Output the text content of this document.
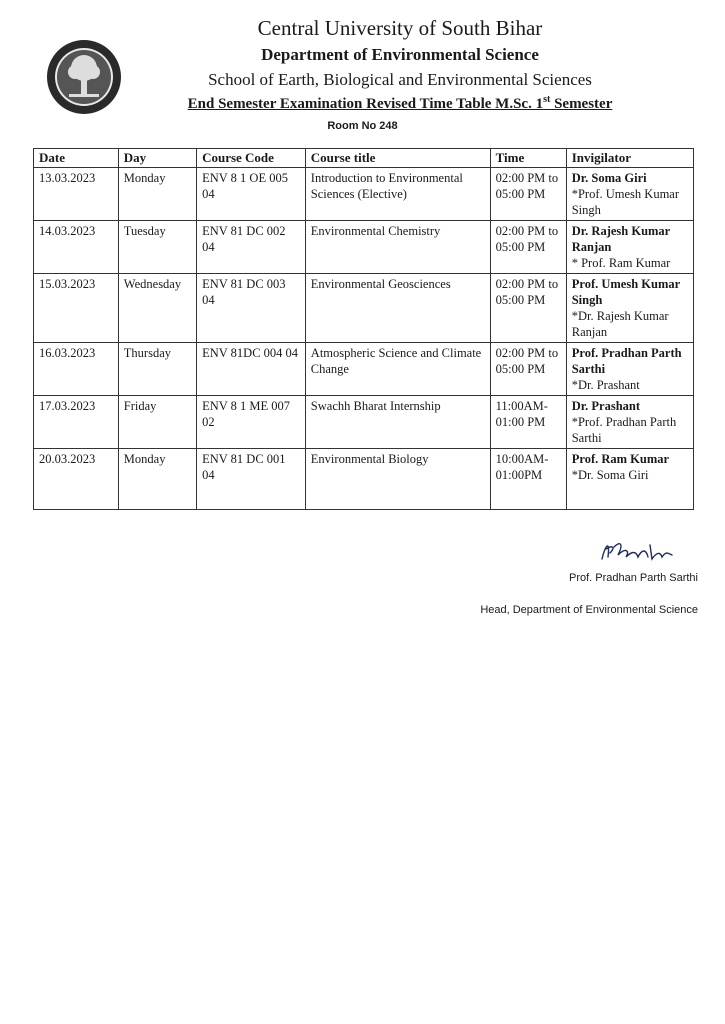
Central University of South Bihar
Department of Environmental Science
School of Earth, Biological and Environmental Sciences
End Semester Examination Revised Time Table M.Sc. 1st Semester
Room No 248
Date	Day	Course Code	Course title	Time	Invigilator
13.03.2023	Monday	ENV 8 1 OE 005 04	Introduction to Environmental Sciences (Elective)	02:00 PM to 05:00 PM	Dr. Soma Giri
*Prof. Umesh Kumar Singh

14.03.2023	Tuesday	ENV 81 DC 002 04	Environmental Chemistry	02:00 PM to 05:00 PM	Dr. Rajesh Kumar Ranjan
* Prof. Ram Kumar

15.03.2023	Wednesday	ENV 81 DC 003 04	Environmental Geosciences	02:00 PM to 05:00 PM	Prof. Umesh Kumar Singh
*Dr. Rajesh Kumar Ranjan

16.03.2023	Thursday	ENV 81DC 004 04	Atmospheric Science and Climate Change	02:00 PM to 05:00 PM	Prof. Pradhan Parth Sarthi
*Dr. Prashant

17.03.2023	Friday	ENV 8 1 ME 007 02	Swachh Bharat Internship	11:00AM-01:00 PM	Dr. Prashant
*Prof. Pradhan Parth Sarthi

20.03.2023	Monday	ENV 81 DC 001 04	Environmental Biology	10:00AM-01:00PM	Prof. Ram Kumar
*Dr. Soma Giri
Prof. Pradhan Parth Sarthi
Head, Department of Environmental Science
